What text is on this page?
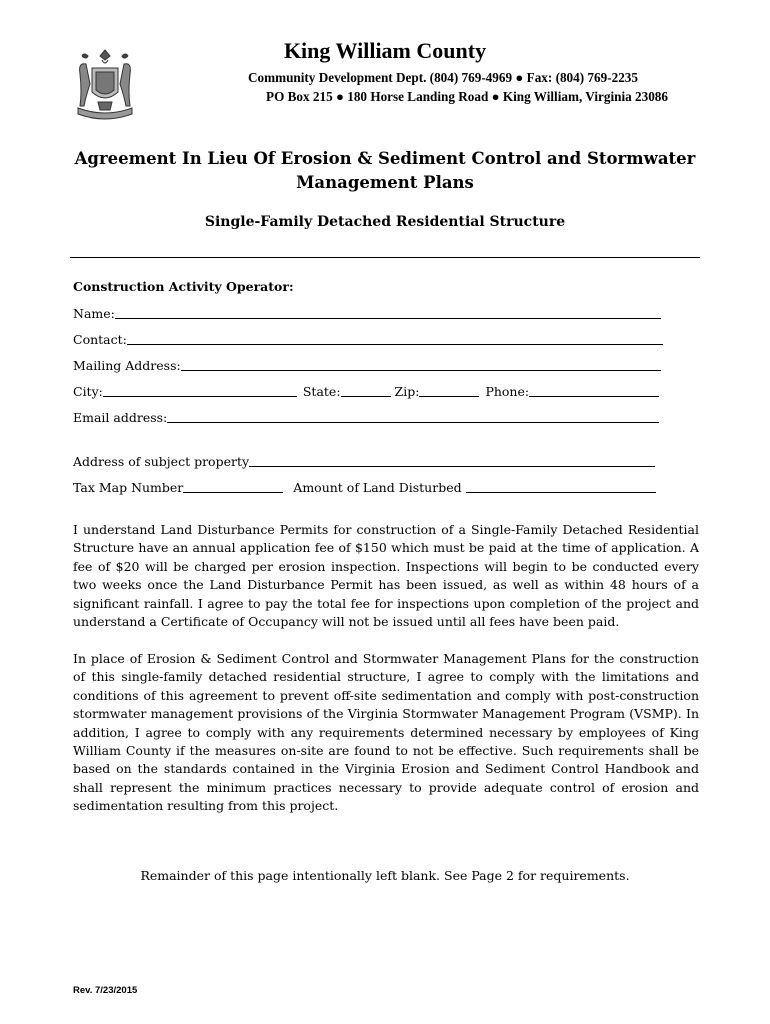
King William County
Community Development Dept. (804) 769-4969 ● Fax: (804) 769-2235
PO Box 215 ● 180 Horse Landing Road ● King William, Virginia 23086
Agreement In Lieu Of Erosion & Sediment Control and Stormwater
Management Plans
Single-Family Detached Residential Structure
Construction Activity Operator:
Name:
Contact:
Mailing Address:
City:	State:	Zip:	Phone:
Email address:
Address of subject property
Tax Map Number	Amount of Land Disturbed

I understand Land Disturbance Permits for construction of a Single-Family Detached Residential Structure have an annual application fee of $150 which must be paid at the time of application. A fee of $20 will be charged per erosion inspection. Inspections will begin to be conducted every two weeks once the Land Disturbance Permit has been issued, as well as within 48 hours of a significant rainfall. I agree to pay the total fee for inspections upon completion of the project and understand a Certificate of Occupancy will not be issued until all fees have been paid.

In place of Erosion & Sediment Control and Stormwater Management Plans for the construction of this single-family detached residential structure, I agree to comply with the limitations and conditions of this agreement to prevent off-site sedimentation and comply with post-construction stormwater management provisions of the Virginia Stormwater Management Program (VSMP). In addition, I agree to comply with any requirements determined necessary by employees of King William County if the measures on-site are found to not be effective. Such requirements shall be based on the standards contained in the Virginia Erosion and Sediment Control Handbook and shall represent the minimum practices necessary to provide adequate control of erosion and sedimentation resulting from this project.

Remainder of this page intentionally left blank. See Page 2 for requirements.
Rev. 7/23/2015
